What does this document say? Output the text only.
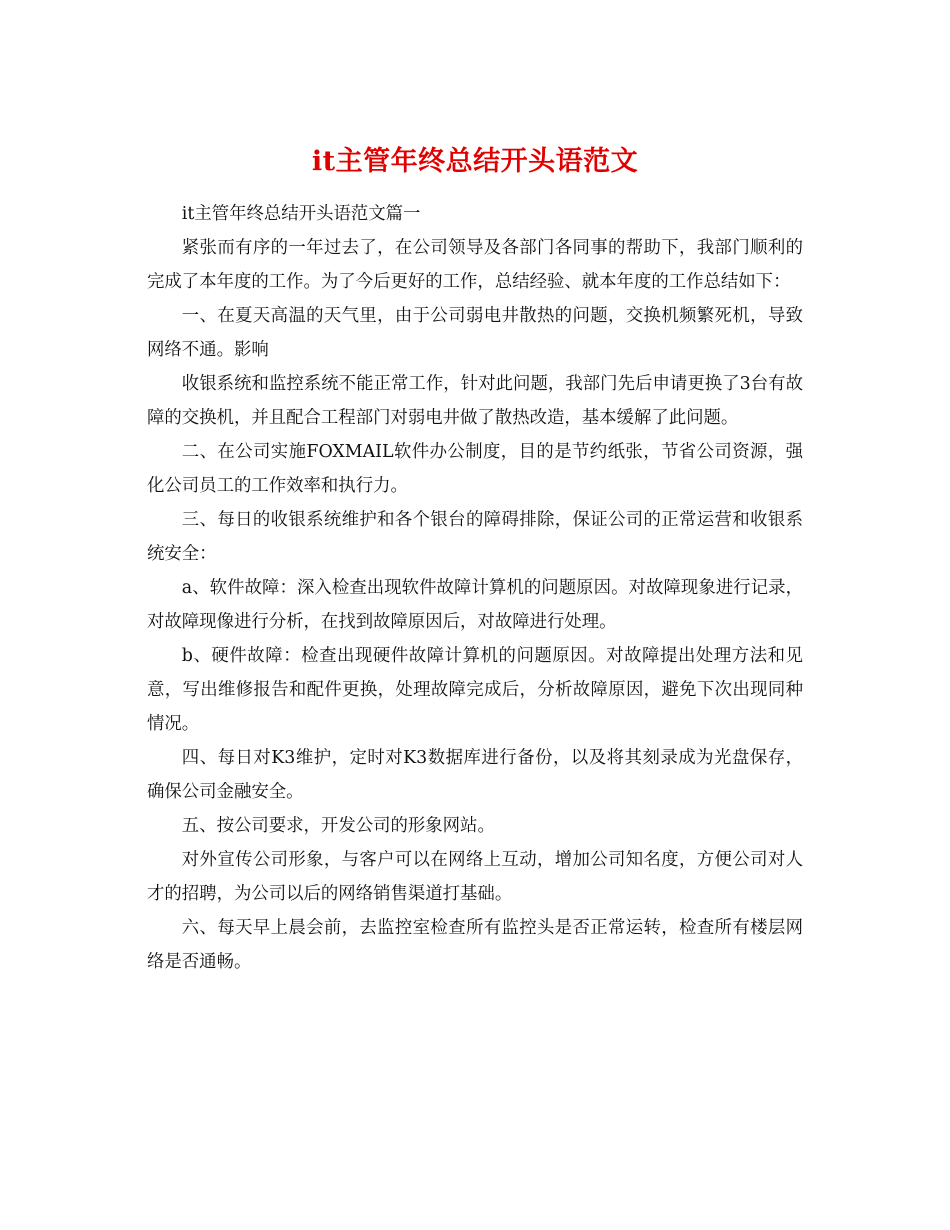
it主管年终总结开头语范文

it主管年终总结开头语范文篇一

紧张而有序的一年过去了，在公司领导及各部门各同事的帮助下，我部门顺利的完成了本年度的工作。为了今后更好的工作，总结经验、就本年度的工作总结如下：

一、在夏天高温的天气里，由于公司弱电井散热的问题，交换机频繁死机，导致网络不通。影响

收银系统和监控系统不能正常工作，针对此问题，我部门先后申请更换了3台有故障的交换机，并且配合工程部门对弱电井做了散热改造，基本缓解了此问题。

二、在公司实施FOXMAIL软件办公制度，目的是节约纸张，节省公司资源，强化公司员工的工作效率和执行力。

三、每日的收银系统维护和各个银台的障碍排除，保证公司的正常运营和收银系统安全：

a、软件故障：深入检查出现软件故障计算机的问题原因。对故障现象进行记录，对故障现像进行分析，在找到故障原因后，对故障进行处理。

b、硬件故障：检查出现硬件故障计算机的问题原因。对故障提出处理方法和见意，写出维修报告和配件更换，处理故障完成后，分析故障原因，避免下次出现同种情况。

四、每日对K3维护，定时对K3数据库进行备份，以及将其刻录成为光盘保存，确保公司金融安全。

五、按公司要求，开发公司的形象网站。

对外宣传公司形象，与客户可以在网络上互动，增加公司知名度，方便公司对人才的招聘，为公司以后的网络销售渠道打基础。

六、每天早上晨会前，去监控室检查所有监控头是否正常运转，检查所有楼层网络是否通畅。
